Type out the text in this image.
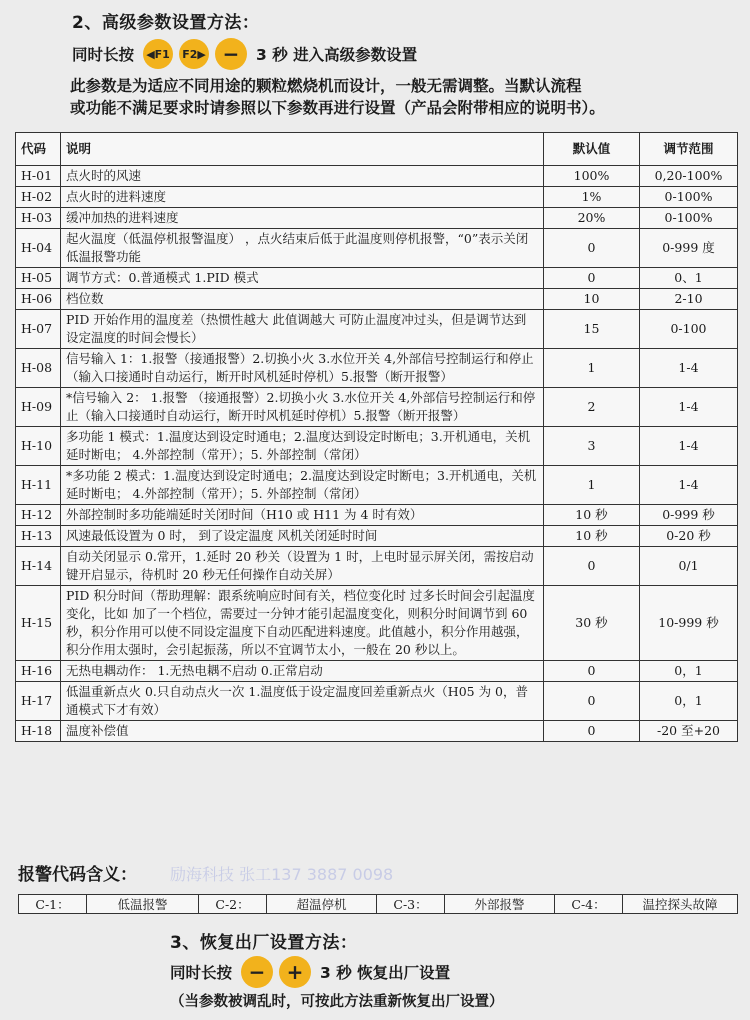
2、高级参数设置方法：
同时长按 ◀F1 F2▶ −	3 秒 进入高级参数设置
此参数是为适应不同用途的颗粒燃烧机而设计，一般无需调整。当默认流程
或功能不满足要求时请参照以下参数再进行设置（产品会附带相应的说明书）。
代码	说明	默认值	调节范围
H-01	点火时的风速	100%	0,20-100%
H-02	点火时的进料速度	1%	0-100%
H-03	缓冲加热的进料速度	20%	0-100%
H-04	起火温度（低温停机报警温度） ，点火结束后低于此温度则停机报警，“0”表示关闭低温报警功能	0	0-999 度
H-05	调节方式：0.普通模式 1.PID 模式	0	0、1
H-06	档位数	10	2-10
H-07	PID 开始作用的温度差（热惯性越大 此值调越大 可防止温度冲过头，但是调节达到设定温度的时间会慢长）	15	0-100
H-08	信号输入 1：1.报警（接通报警）2.切换小火 3.水位开关 4,外部信号控制运行和停止（输入口接通时自动运行，断开时风机延时停机）5.报警（断开报警）	1	1-4
H-09	*信号输入 2： 1.报警 （接通报警）2.切换小火 3.水位开关 4,外部信号控制运行和停止（输入口接通时自动运行，断开时风机延时停机）5.报警（断开报警）	2	1-4
H-10	多功能 1 模式：1.温度达到设定时通电；2.温度达到设定时断电；3.开机通电，关机延时断电； 4.外部控制（常开）；5. 外部控制（常闭）	3	1-4
H-11	*多功能 2 模式：1.温度达到设定时通电；2.温度达到设定时断电；3.开机通电，关机延时断电； 4.外部控制（常开）；5. 外部控制（常闭）	1	1-4
H-12	外部控制时多功能端延时关闭时间（H10 或 H11 为 4 时有效）	10 秒	0-999 秒
H-13	风速最低设置为 0 时， 到了设定温度 风机关闭延时时间	10 秒	0-20 秒
H-14	自动关闭显示 0.常开，1.延时 20 秒关（设置为 1 时，上电时显示屏关闭，需按启动键开启显示，待机时 20 秒无任何操作自动关屏）	0	0/1
H-15	PID 积分时间（帮助理解：跟系统响应时间有关，档位变化时 过多长时间会引起温度变化，比如 加了一个档位，需要过一分钟才能引起温度变化，则积分时间调节到 60 秒，积分作用可以使不同设定温度下自动匹配进料速度。此值越小，积分作用越强，积分作用太强时，会引起振荡，所以不宜调节太小，一般在 20 秒以上。	30 秒	10-999 秒
H-16	无热电耦动作： 1.无热电耦不启动 0.正常启动	0	0，1
H-17	低温重新点火 0.只自动点火一次 1.温度低于设定温度回差重新点火（H05 为 0，普通模式下才有效）	0	0，1
H-18	温度补偿值	0	-20 至+20
报警代码含义： 励海科技 张工137 3887 0098
C-1：	低温报警	C-2：	超温停机	C-3：	外部报警	C-4：	温控探头故障
3、恢复出厂设置方法：
同时长按 −	+	3 秒 恢复出厂设置
（当参数被调乱时，可按此方法重新恢复出厂设置）
